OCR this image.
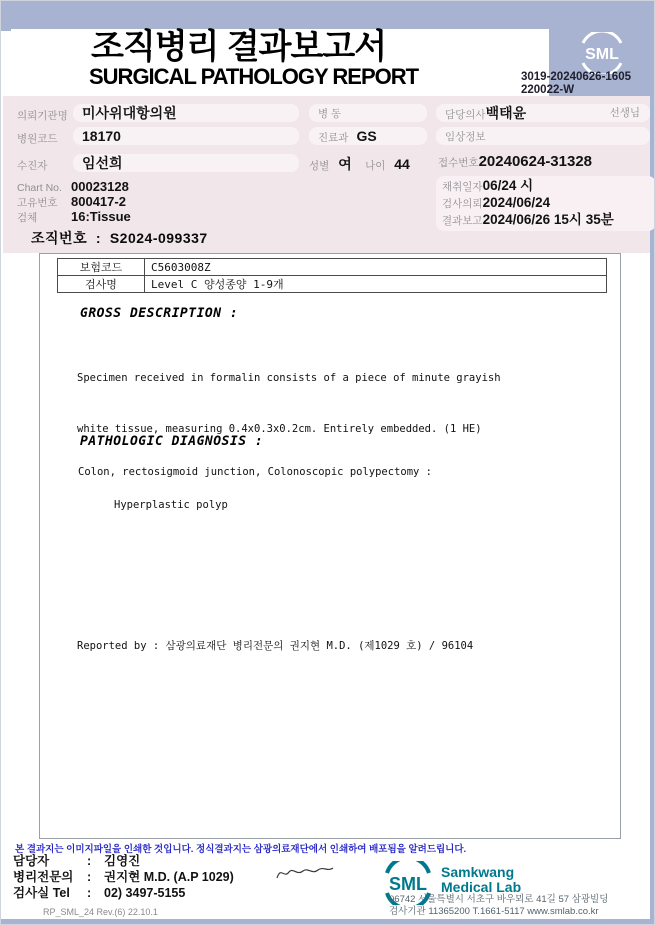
조직병리 결과보고서
SURGICAL PATHOLOGY REPORT
SML
3019-20240626-1605
220022-W
의뢰기관명	미사위대항의원
병원코드	18170
수진자	임선희
Chart No. 00023128
고유번호 800417-2
검체	16:Tissue
조직번호 : S2024-099337
병 동
진료과 GS
성별 여 나이 44
담당의사백태윤	선생님
임상정보
접수번호20240624-31328
채취일자06/24 시
검사의뢰2024/06/24
결과보고2024/06/26 15시 35분
보험코드	C5603008Z
검사명	Level C 양성종양 1-9개
GROSS DESCRIPTION :

Specimen received in formalin consists of a piece of minute grayish

white tissue, measuring 0.4x0.3x0.2cm. Entirely embedded. (1 HE)

PATHOLOGIC DIAGNOSIS :
Colon, rectosigmoid junction, Colonoscopic polypectomy :
Hyperplastic polyp
Reported by : 삼광의료재단 병리전문의 권지현 M.D. (제1029 호) / 96104
본 결과지는 이미지파일을 인쇄한 것입니다. 정식결과지는 삼광의료재단에서 인쇄하여 배포됨을 알려드립니다.
담당자	: 김영진
병리전문의	: 권지현 M.D. (A.P 1029)
검사실 Tel	: 02) 3497-5155
RP_SML_24 Rev.(6) 22.10.1
SML
Samkwang
Medical Lab
06742 서울특별시 서초구 바우뫼로 41길 57 삼광빌딩
검사기관 11365200 T.1661-5117 www.smlab.co.kr
